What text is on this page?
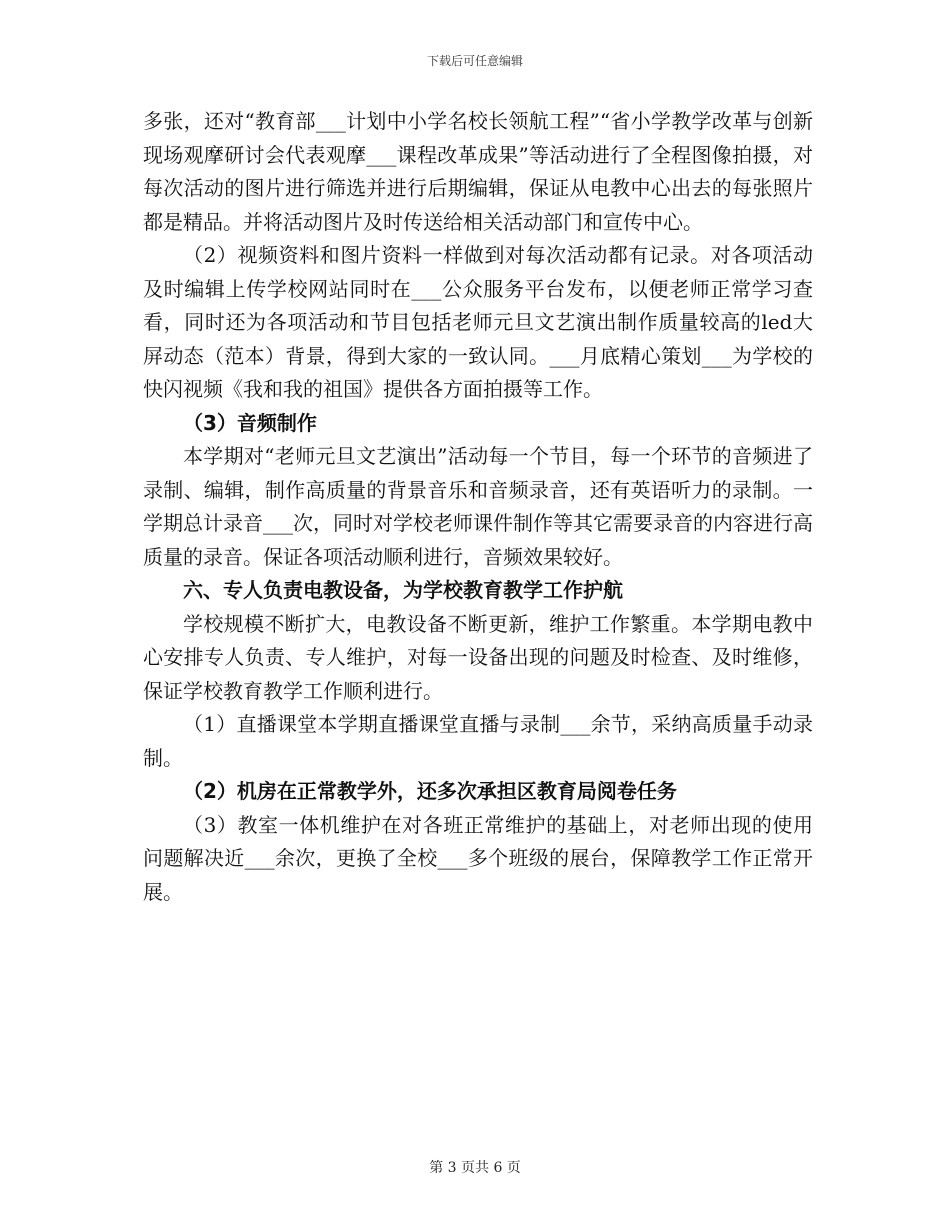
下载后可任意编辑

多张，还对“教育部___计划中小学名校长领航工程”“省小学教学改革与创新现场观摩研讨会代表观摩___课程改革成果”等活动进行了全程图像拍摄，对每次活动的图片进行筛选并进行后期编辑，保证从电教中心出去的每张照片都是精品。并将活动图片及时传送给相关活动部门和宣传中心。

（2）视频资料和图片资料一样做到对每次活动都有记录。对各项活动及时编辑上传学校网站同时在___公众服务平台发布，以便老师正常学习查看，同时还为各项活动和节目包括老师元旦文艺演出制作质量较高的led大屏动态（范本）背景，得到大家的一致认同。___月底精心策划___为学校的快闪视频《我和我的祖国》提供各方面拍摄等工作。

（3）音频制作

本学期对“老师元旦文艺演出”活动每一个节目，每一个环节的音频进了录制、编辑，制作高质量的背景音乐和音频录音，还有英语听力的录制。一学期总计录音___次，同时对学校老师课件制作等其它需要录音的内容进行高质量的录音。保证各项活动顺利进行，音频效果较好。

六、专人负责电教设备，为学校教育教学工作护航

学校规模不断扩大，电教设备不断更新，维护工作繁重。本学期电教中心安排专人负责、专人维护，对每一设备出现的问题及时检查、及时维修，保证学校教育教学工作顺利进行。

（1）直播课堂本学期直播课堂直播与录制___余节，采纳高质量手动录制。

（2）机房在正常教学外，还多次承担区教育局阅卷任务

（3）教室一体机维护在对各班正常维护的基础上，对老师出现的使用问题解决近___余次，更换了全校___多个班级的展台，保障教学工作正常开展。

第 3 页共 6 页
